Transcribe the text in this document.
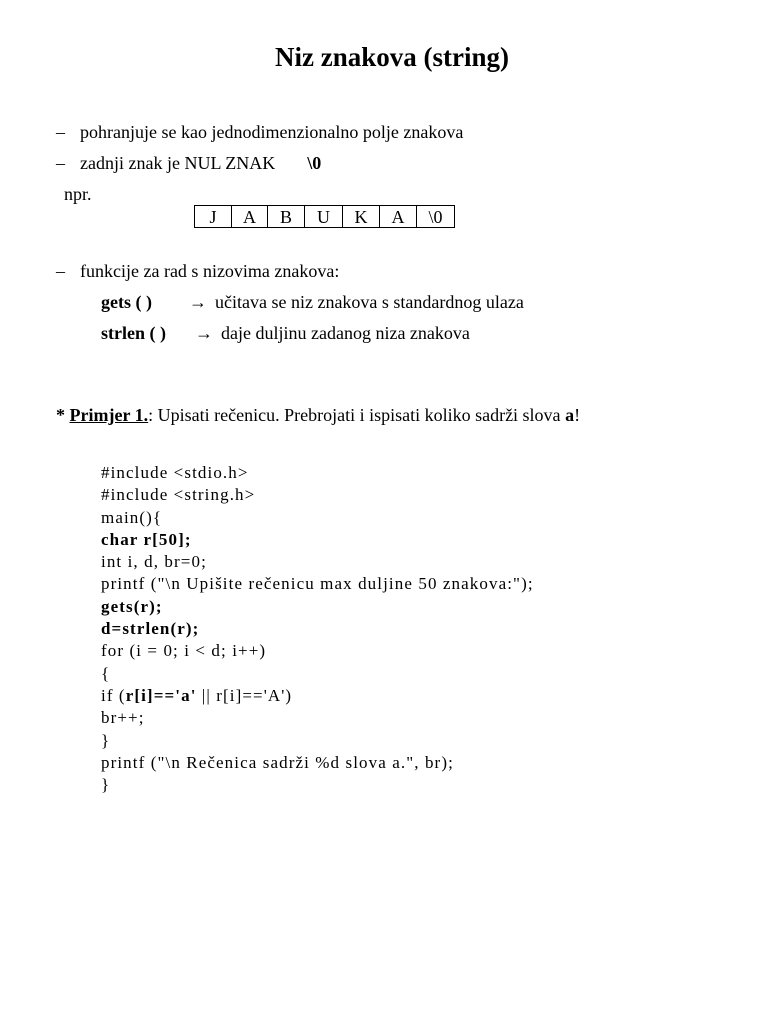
Niz znakova (string)
– pohranjuje se kao jednodimenzionalno polje znakova
– zadnji znak je NUL ZNAK \0
npr.
J	A	B	U	K	A	\0
– funkcije za rad s nizovima znakova:
gets ( ) → učitava se niz znakova s standardnog ulaza
strlen ( ) → daje duljinu zadanog niza znakova
* Primjer 1.: Upisati rečenicu. Prebrojati i ispisati koliko sadrži slova a!
#include <stdio.h>
#include <string.h>
main(){
char r[50];
int i, d, br=0;
printf ("\n Upišite rečenicu max duljine 50 znakova:");
gets(r);
d=strlen(r);
for (i = 0; i < d; i++)
{
if (r[i]=='a' || r[i]=='A')
br++;
}
printf ("\n Rečenica sadrži %d slova a.", br);
}
